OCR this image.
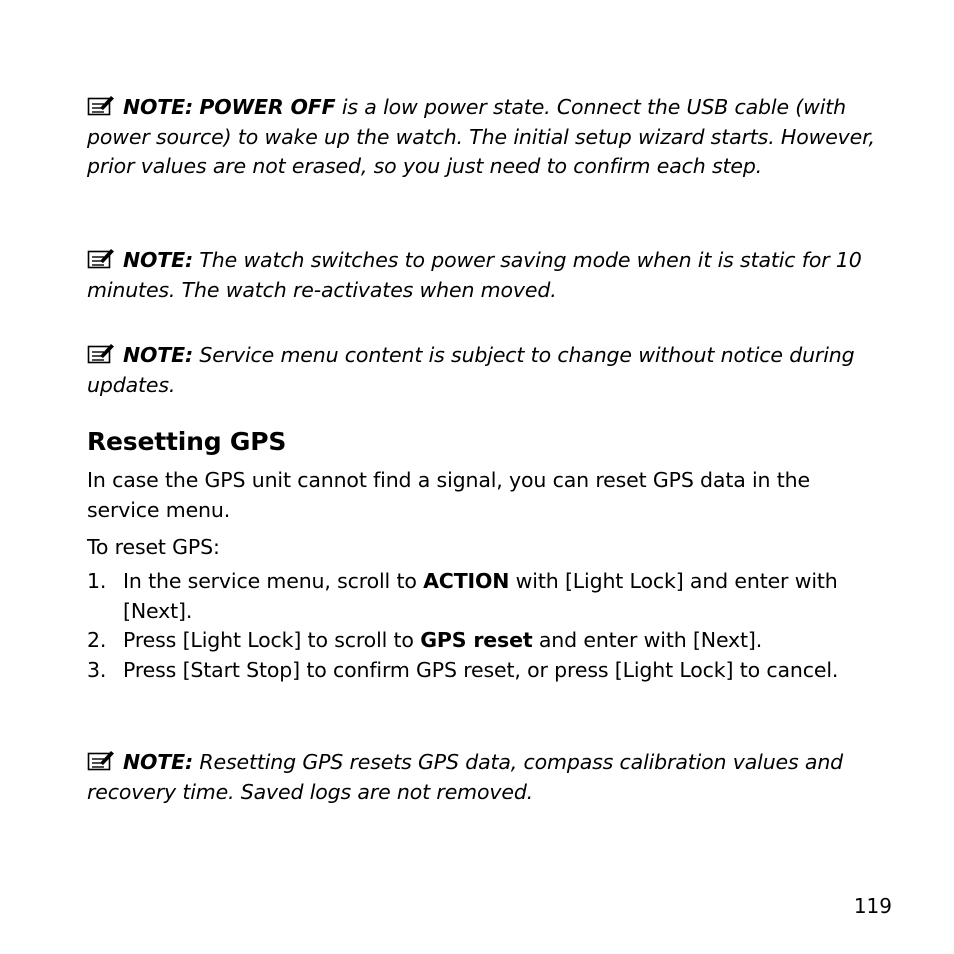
NOTE: POWER OFF is a low power state. Connect the USB cable (with power source) to wake up the watch. The initial setup wizard starts. However, prior values are not erased, so you just need to confirm each step.
NOTE: The watch switches to power saving mode when it is static for 10 minutes. The watch re-activates when moved.
NOTE: Service menu content is subject to change without notice during updates.
Resetting GPS
In case the GPS unit cannot find a signal, you can reset GPS data in the service menu.
To reset GPS:
1. In the service menu, scroll to ACTION with [Light Lock] and enter with [Next].
2. Press [Light Lock] to scroll to GPS reset and enter with [Next].
3. Press [Start Stop] to confirm GPS reset, or press [Light Lock] to cancel.
NOTE: Resetting GPS resets GPS data, compass calibration values and recovery time. Saved logs are not removed.
119
